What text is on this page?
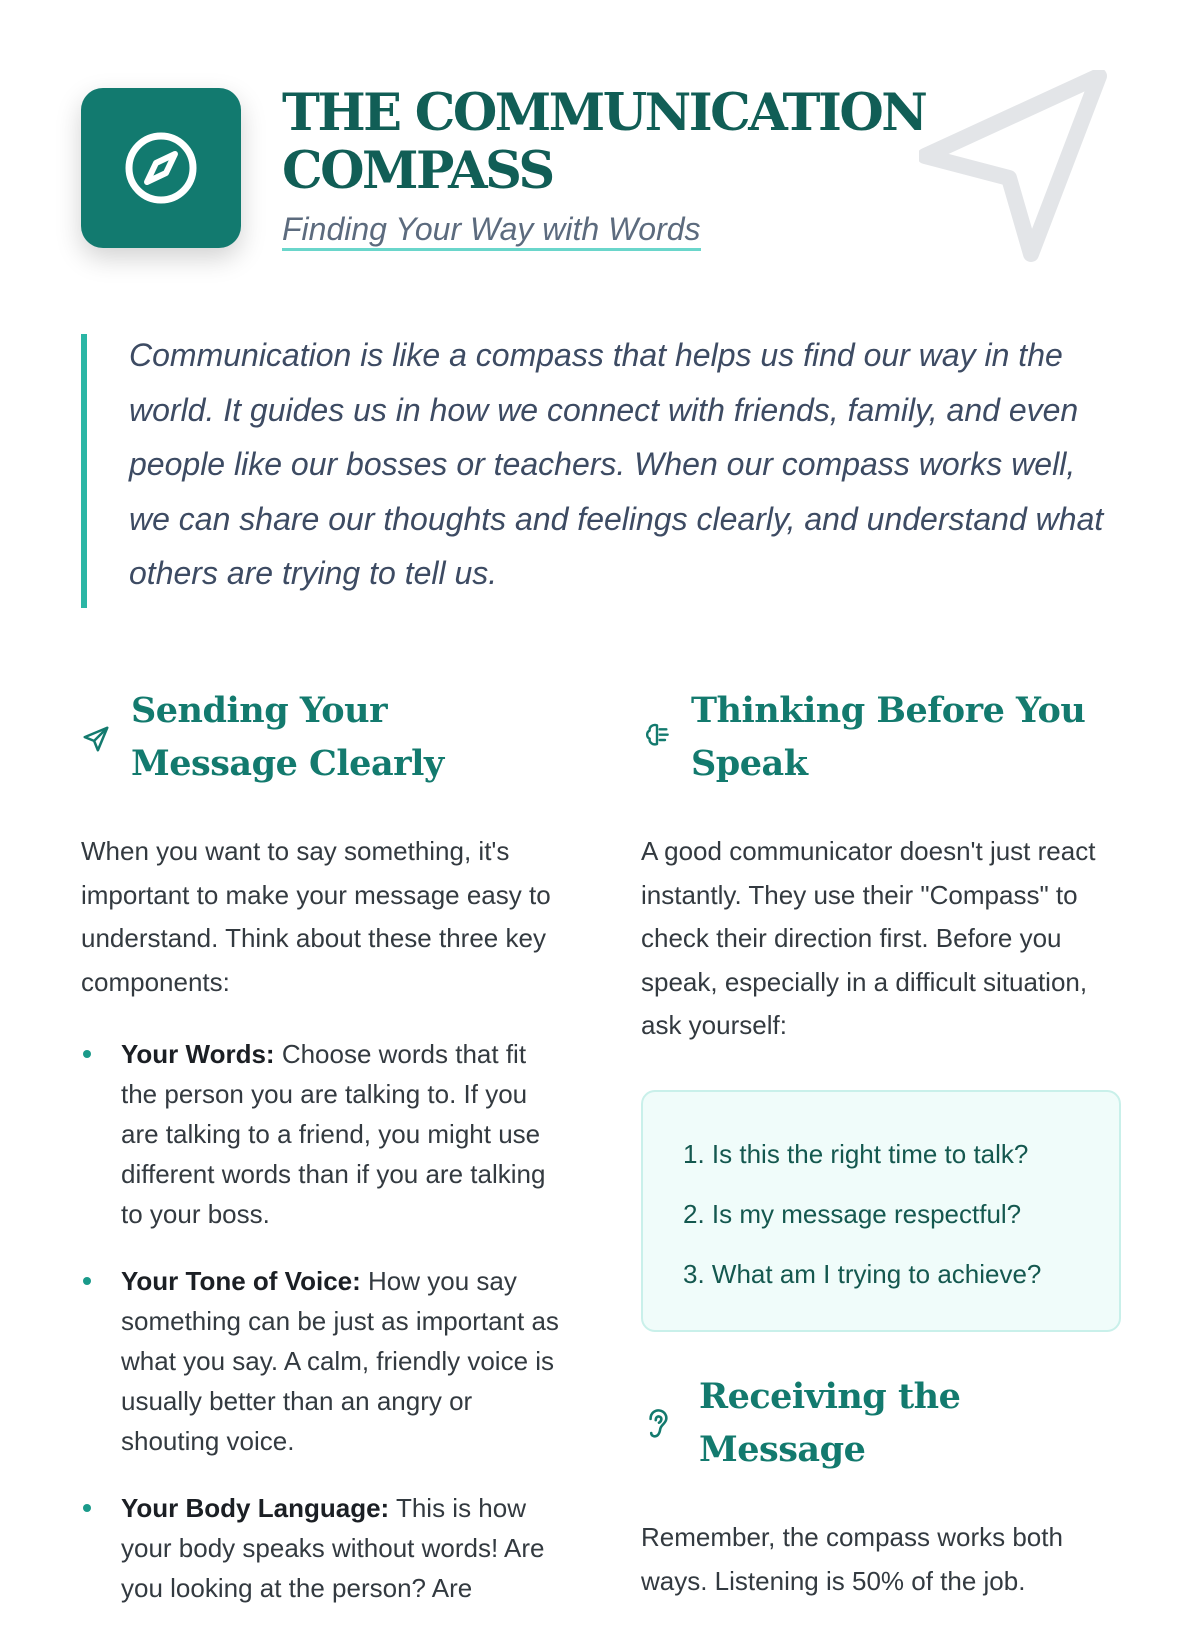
THE COMMUNICATION
COMPASS

Finding Your Way with Words

Communication is like a compass that helps us find our way in the world. It guides us in how we connect with friends, family, and even people like our bosses or teachers. When our compass works well, we can share our thoughts and feelings clearly, and understand what others are trying to tell us.

Sending Your
Message Clearly

When you want to say something, it's important to make your message easy to understand. Think about these three key components:

Your Words: Choose words that fit the person you are talking to. If you are talking to a friend, you might use different words than if you are talking to your boss.
Your Tone of Voice: How you say something can be just as important as what you say. A calm, friendly voice is usually better than an angry or shouting voice.
Your Body Language: This is how your body speaks without words! Are you looking at the person? Are
Thinking Before You
Speak

A good communicator doesn't just react instantly. They use their "Compass" to check their direction first. Before you speak, especially in a difficult situation, ask yourself:

1. Is this the right time to talk?
2. Is my message respectful?
3. What am I trying to achieve?
Receiving the
Message

Remember, the compass works both ways. Listening is 50% of the job.
